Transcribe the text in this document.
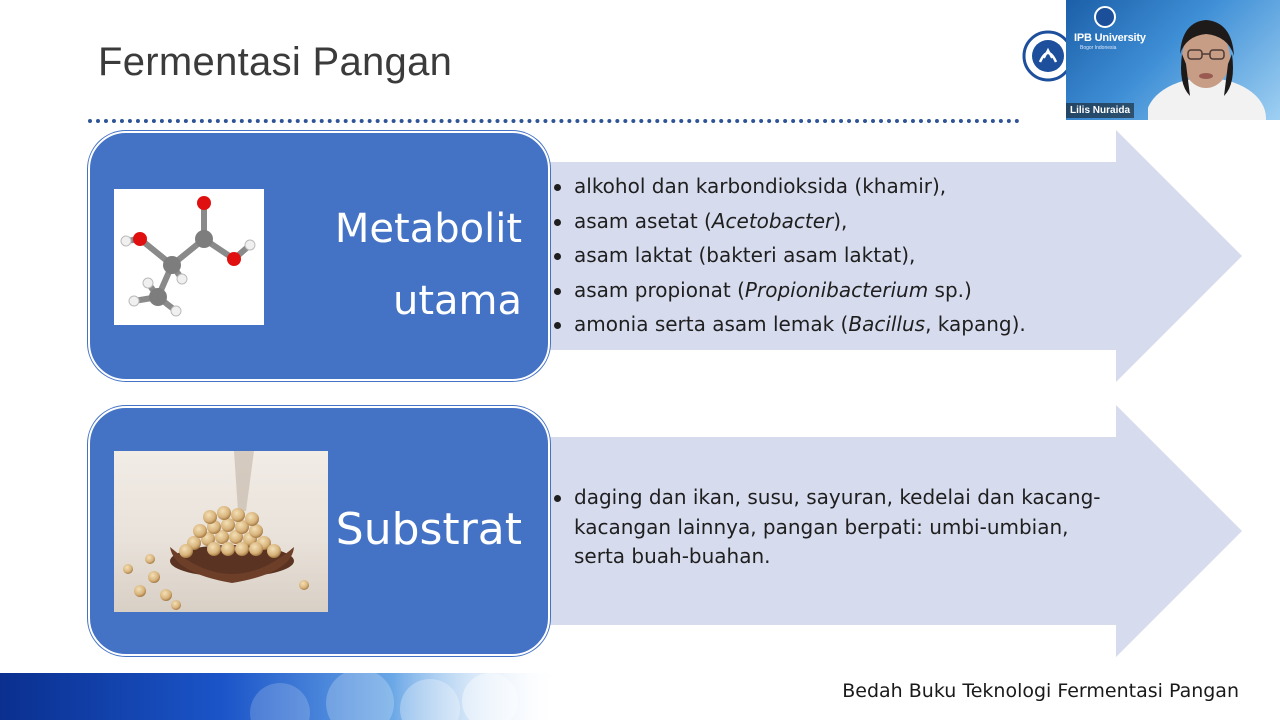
Fermentasi Pangan
IPB University
Bogor Indonesia
Lilis Nuraida
Metabolit
utama
Substrat
alkohol dan karbondioksida (khamir),
asam asetat (Acetobacter),
asam laktat (bakteri asam laktat),
asam propionat (Propionibacterium sp.)
amonia serta asam lemak (Bacillus, kapang).
daging dan ikan, susu, sayuran, kedelai dan kacang-
kacangan lainnya, pangan berpati: umbi-umbian,
serta buah-buahan.
Bedah Buku Teknologi Fermentasi Pangan
